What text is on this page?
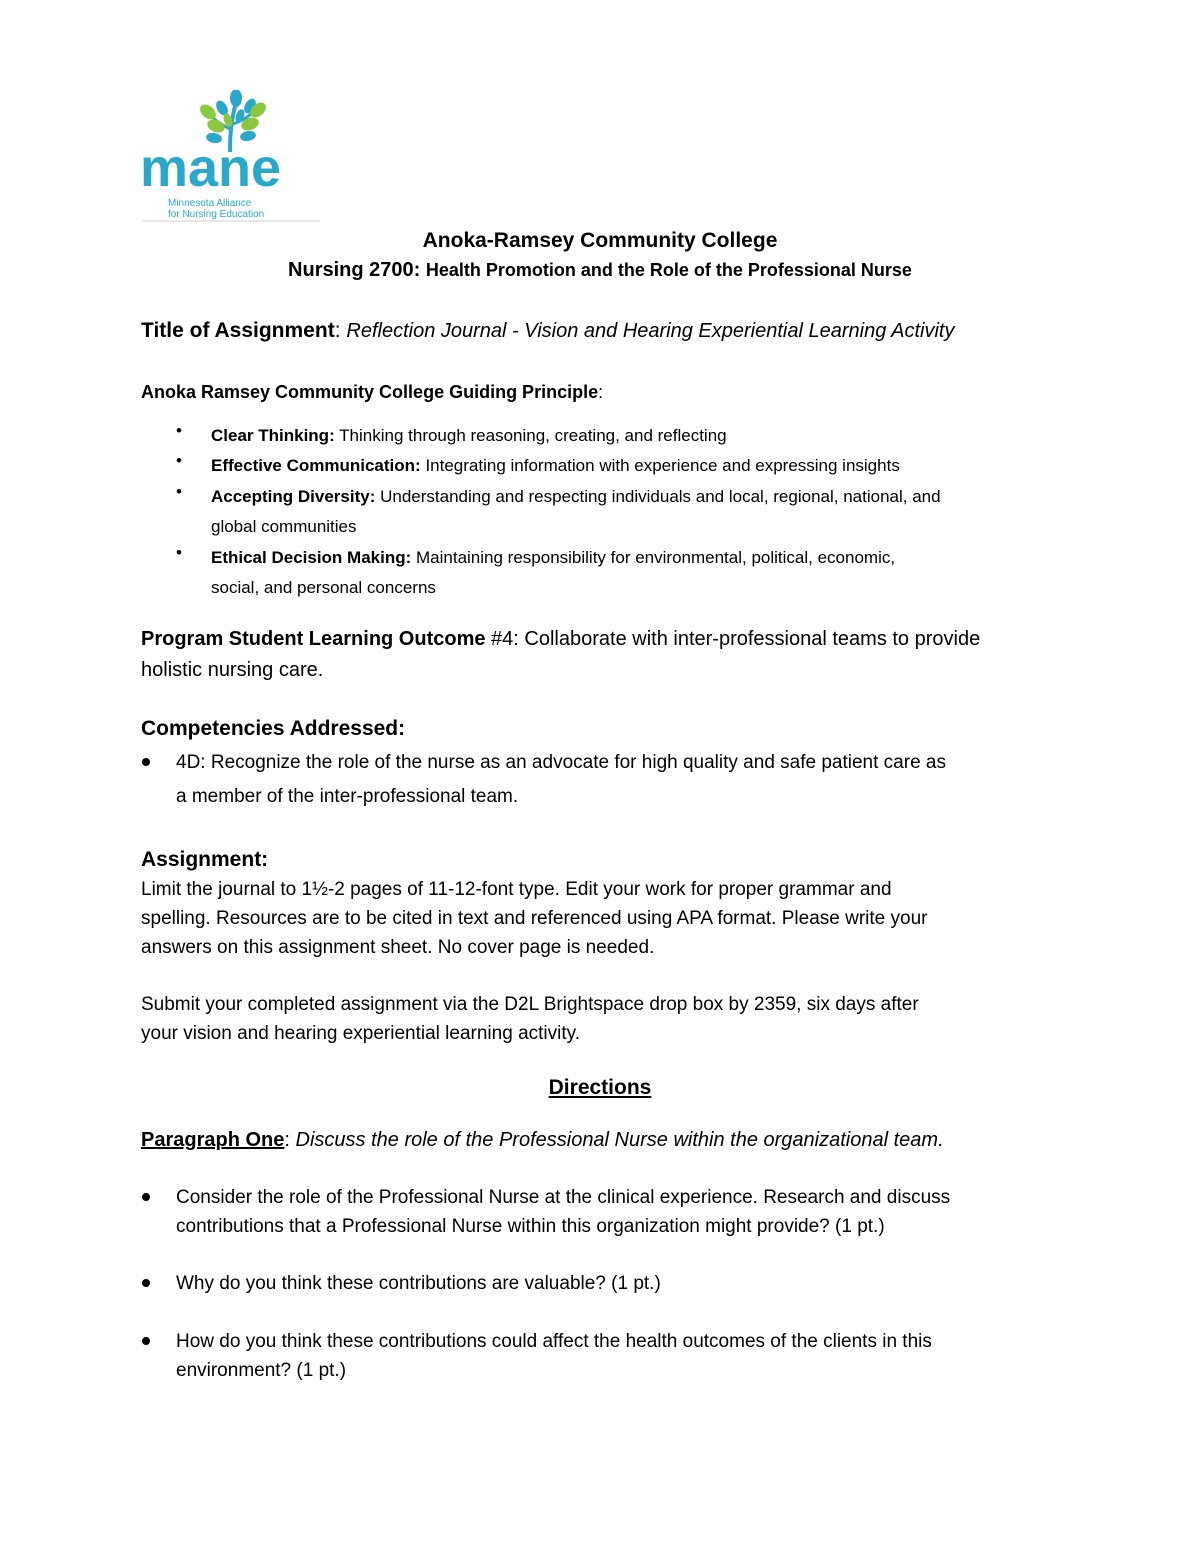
mane
Minnesota Alliance
for Nursing Education
Anoka-Ramsey Community College
Nursing 2700: Health Promotion and the Role of the Professional Nurse
Title of Assignment: Reflection Journal - Vision and Hearing Experiential Learning Activity
Anoka Ramsey Community College Guiding Principle:
• Clear Thinking: Thinking through reasoning, creating, and reflecting
• Effective Communication: Integrating information with experience and expressing insights
• Accepting Diversity: Understanding and respecting individuals and local, regional, national, and
global communities
• Ethical Decision Making: Maintaining responsibility for environmental, political, economic,
social, and personal concerns
Program Student Learning Outcome #4: Collaborate with inter-professional teams to provide
holistic nursing care.
Competencies Addressed:
4D: Recognize the role of the nurse as an advocate for high quality and safe patient care as
a member of the inter-professional team.
Assignment:
Limit the journal to 1½-2 pages of 11-12-font type. Edit your work for proper grammar and
spelling. Resources are to be cited in text and referenced using APA format. Please write your
answers on this assignment sheet. No cover page is needed.
Submit your completed assignment via the D2L Brightspace drop box by 2359, six days after
your vision and hearing experiential learning activity.
Directions
Paragraph One: Discuss the role of the Professional Nurse within the organizational team.
Consider the role of the Professional Nurse at the clinical experience. Research and discuss
contributions that a Professional Nurse within this organization might provide? (1 pt.)
Why do you think these contributions are valuable? (1 pt.)
How do you think these contributions could affect the health outcomes of the clients in this
environment? (1 pt.)
